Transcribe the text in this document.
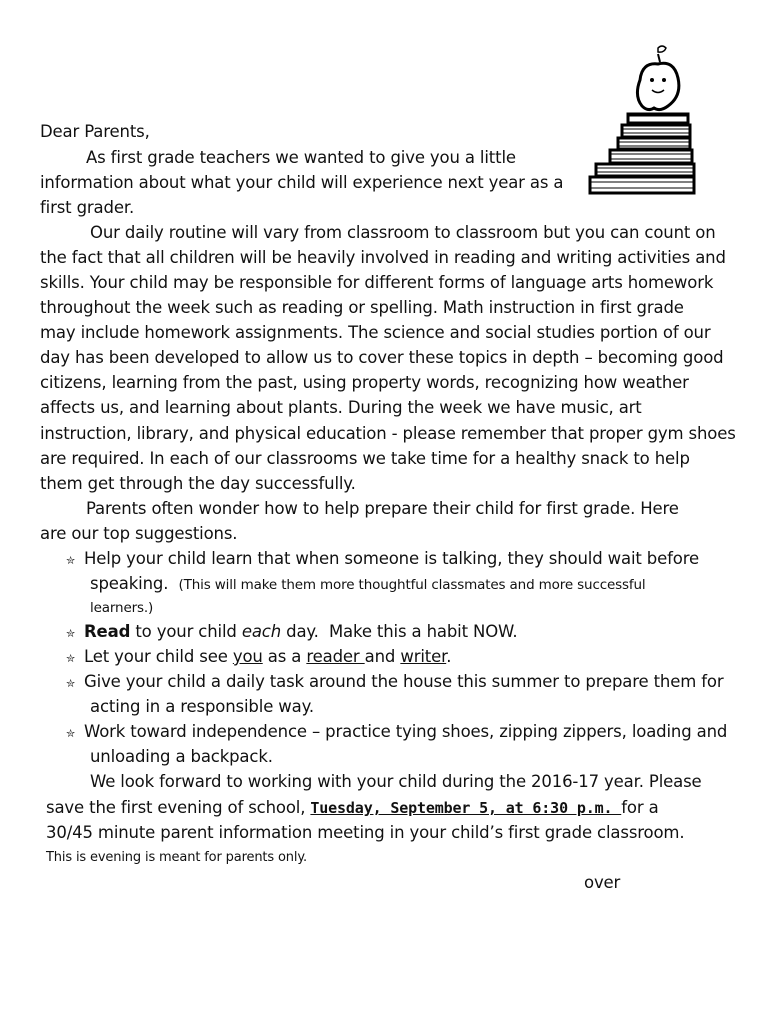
Dear Parents,
As first grade teachers we wanted to give you a little
information about what your child will experience next year as a
first grader.
Our daily routine will vary from classroom to classroom but you can count on
the fact that all children will be heavily involved in reading and writing activities and
skills. Your child may be responsible for different forms of language arts homework
throughout the week such as reading or spelling. Math instruction in first grade
may include homework assignments. The science and social studies portion of our
day has been developed to allow us to cover these topics in depth – becoming good
citizens, learning from the past, using property words, recognizing how weather
affects us, and learning about plants. During the week we have music, art
instruction, library, and physical education - please remember that proper gym shoes
are required. In each of our classrooms we take time for a healthy snack to help
them get through the day successfully.
Parents often wonder how to help prepare their child for first grade. Here
are our top suggestions.
✮ Help your child learn that when someone is talking, they should wait before
speaking. (This will make them more thoughtful classmates and more successful
learners.)
✮ Read to your child each day.  Make this a habit NOW.
✮ Let your child see you as a reader and writer.
✮ Give your child a daily task around the house this summer to prepare them for
acting in a responsible way.
✮ Work toward independence – practice tying shoes, zipping zippers, loading and
unloading a backpack.
We look forward to working with your child during the 2016-17 year. Please
save the first evening of school, Tuesday, September 5, at 6:30 p.m. for a
30/45 minute parent information meeting in your child’s first grade classroom.
This is evening is meant for parents only.
over
